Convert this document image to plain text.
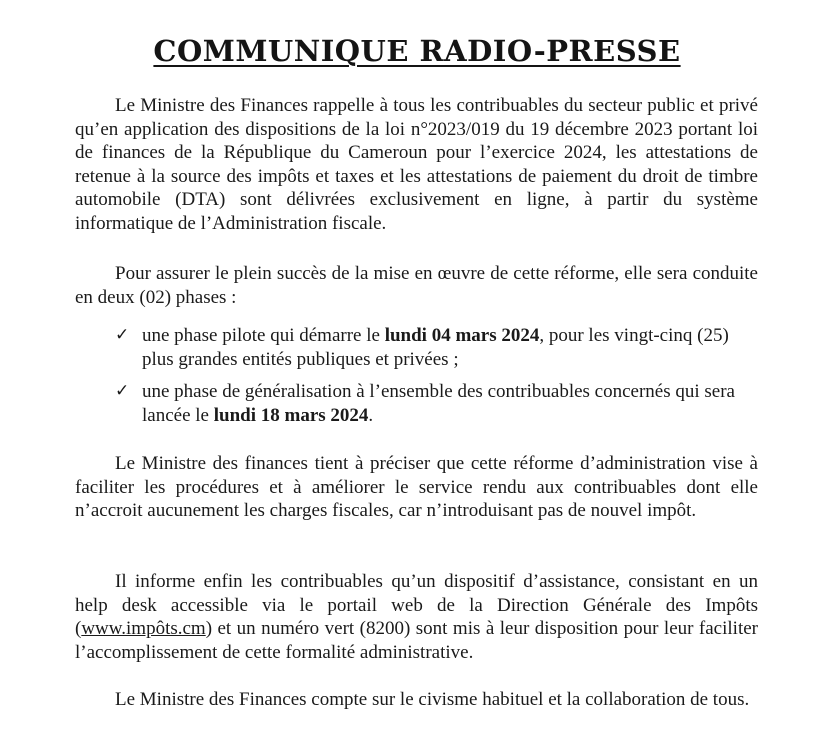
COMMUNIQUE RADIO-PRESSE

Le Ministre des Finances rappelle à tous les contribuables du secteur public et privé qu’en application des dispositions de la loi n°2023/019 du 19 décembre 2023 portant loi de finances de la République du Cameroun pour l’exercice 2024, les attestations de retenue à la source des impôts et taxes et les attestations de paiement du droit de timbre automobile (DTA) sont délivrées exclusivement en ligne, à partir du système informatique de l’Administration fiscale.

Pour assurer le plein succès de la mise en œuvre de cette réforme, elle sera conduite en deux (02) phases :

✓ une phase pilote qui démarre le lundi 04 mars 2024, pour les vingt-cinq (25) plus grandes entités publiques et privées ;
✓ une phase de généralisation à l’ensemble des contribuables concernés qui sera lancée le lundi 18 mars 2024.

Le Ministre des finances tient à préciser que cette réforme d’administration vise à faciliter les procédures et à améliorer le service rendu aux contribuables dont elle n’accroit aucunement les charges fiscales, car n’introduisant pas de nouvel impôt.

Il informe enfin les contribuables qu’un dispositif d’assistance, consistant en un help desk accessible via le portail web de la Direction Générale des Impôts (www.impôts.cm) et un numéro vert (8200) sont mis à leur disposition pour leur faciliter l’accomplissement de cette formalité administrative.

Le Ministre des Finances compte sur le civisme habituel et la collaboration de tous.
